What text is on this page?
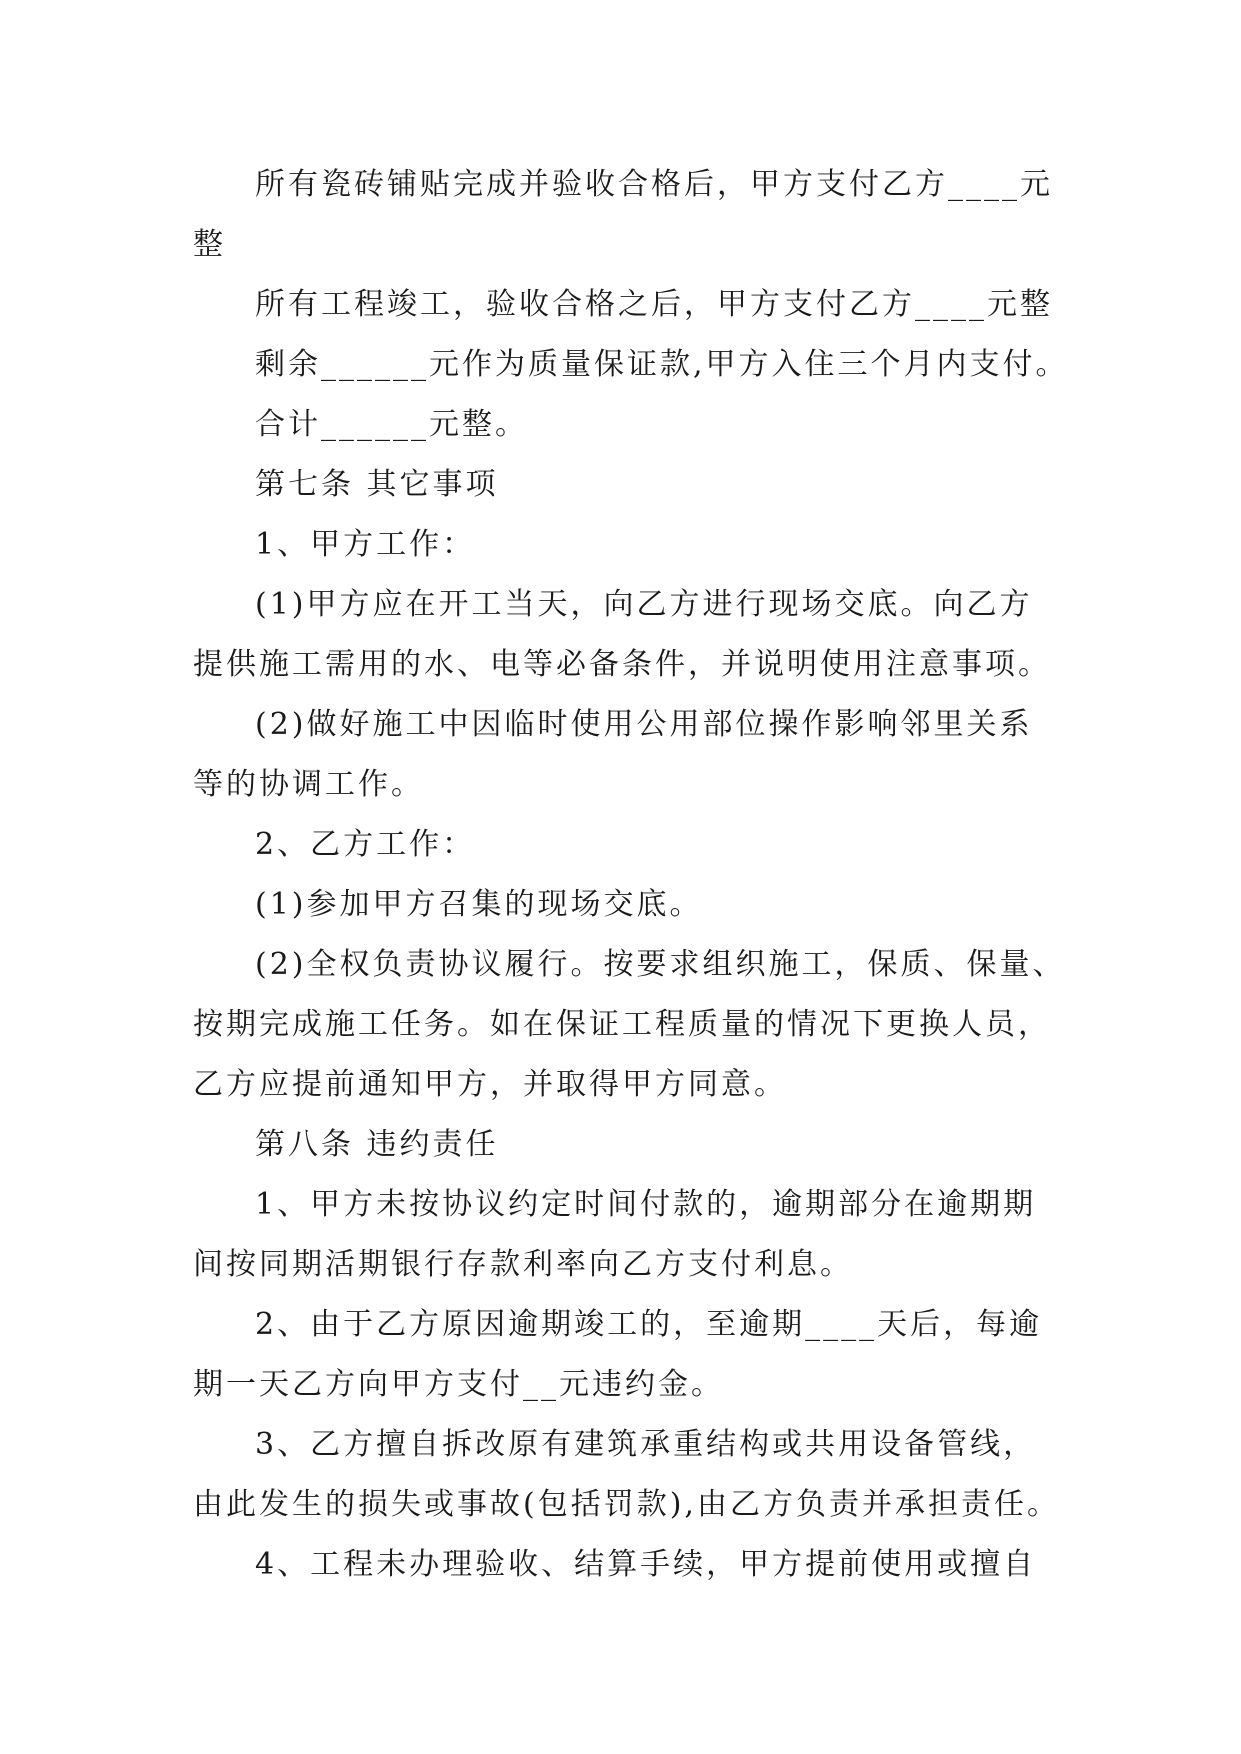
所有瓷砖铺贴完成并验收合格后，甲方支付乙方____元
整
所有工程竣工，验收合格之后，甲方支付乙方____元整
剩余______元作为质量保证款,甲方入住三个月内支付。
合计______元整。
第七条 其它事项
1、甲方工作：
(1)甲方应在开工当天，向乙方进行现场交底。向乙方
提供施工需用的水、电等必备条件，并说明使用注意事项。
(2)做好施工中因临时使用公用部位操作影响邻里关系
等的协调工作。
2、乙方工作：
(1)参加甲方召集的现场交底。
(2)全权负责协议履行。按要求组织施工，保质、保量、
按期完成施工任务。如在保证工程质量的情况下更换人员，
乙方应提前通知甲方，并取得甲方同意。
第八条 违约责任
1、甲方未按协议约定时间付款的，逾期部分在逾期期
间按同期活期银行存款利率向乙方支付利息。
2、由于乙方原因逾期竣工的，至逾期____天后，每逾
期一天乙方向甲方支付__元违约金。
3、乙方擅自拆改原有建筑承重结构或共用设备管线，
由此发生的损失或事故(包括罚款),由乙方负责并承担责任。
4、工程未办理验收、结算手续，甲方提前使用或擅自
